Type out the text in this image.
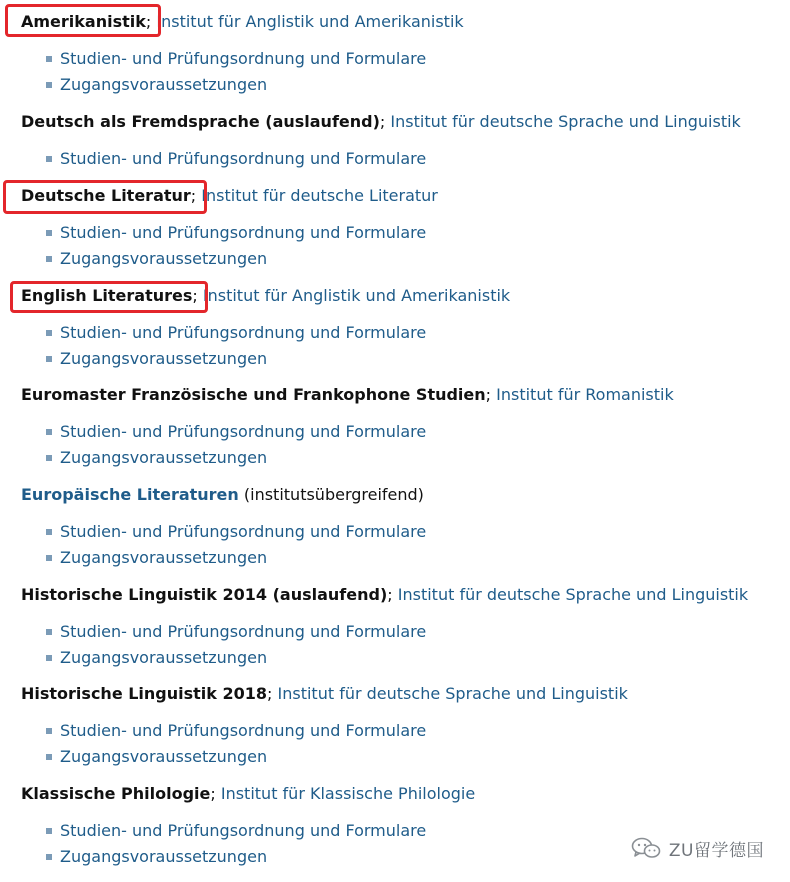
Amerikanistik; Institut für Anglistik und Amerikanistik
Studien- und Prüfungsordnung und Formulare
Zugangsvoraussetzungen
Deutsch als Fremdsprache (auslaufend); Institut für deutsche Sprache und Linguistik
Studien- und Prüfungsordnung und Formulare
Deutsche Literatur; Institut für deutsche Literatur
Studien- und Prüfungsordnung und Formulare
Zugangsvoraussetzungen
English Literatures; Institut für Anglistik und Amerikanistik
Studien- und Prüfungsordnung und Formulare
Zugangsvoraussetzungen
Euromaster Französische und Frankophone Studien; Institut für Romanistik
Studien- und Prüfungsordnung und Formulare
Zugangsvoraussetzungen
Europäische Literaturen (institutsübergreifend)
Studien- und Prüfungsordnung und Formulare
Zugangsvoraussetzungen
Historische Linguistik 2014 (auslaufend); Institut für deutsche Sprache und Linguistik
Studien- und Prüfungsordnung und Formulare
Zugangsvoraussetzungen
Historische Linguistik 2018; Institut für deutsche Sprache und Linguistik
Studien- und Prüfungsordnung und Formulare
Zugangsvoraussetzungen
Klassische Philologie; Institut für Klassische Philologie
Studien- und Prüfungsordnung und Formulare
Zugangsvoraussetzungen	ZU留学德国
